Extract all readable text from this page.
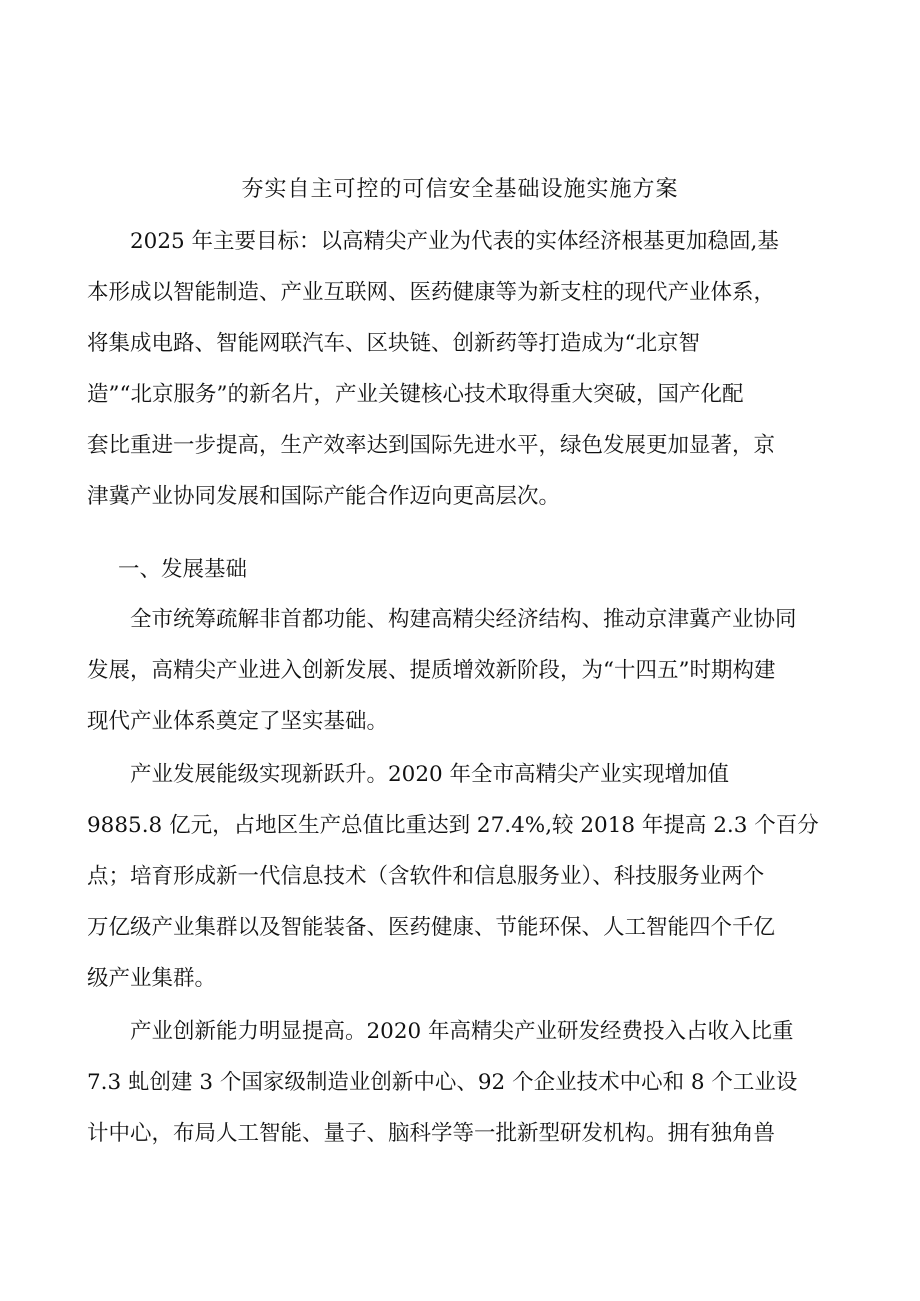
夯实自主可控的可信安全基础设施实施方案
2025 年主要目标：以高精尖产业为代表的实体经济根基更加稳固,基
本形成以智能制造、产业互联网、医药健康等为新支柱的现代产业体系，
将集成电路、智能网联汽车、区块链、创新药等打造成为“北京智
造”“北京服务”的新名片，产业关键核心技术取得重大突破，国产化配
套比重进一步提高，生产效率达到国际先进水平，绿色发展更加显著，京
津冀产业协同发展和国际产能合作迈向更高层次。
一、发展基础
全市统筹疏解非首都功能、构建高精尖经济结构、推动京津冀产业协同
发展，高精尖产业进入创新发展、提质增效新阶段，为“十四五”时期构建
现代产业体系奠定了坚实基础。
产业发展能级实现新跃升。2020 年全市高精尖产业实现增加值
9885.8 亿元，占地区生产总值比重达到 27.4%,较 2018 年提高 2.3 个百分
点；培育形成新一代信息技术（含软件和信息服务业）、科技服务业两个
万亿级产业集群以及智能装备、医药健康、节能环保、人工智能四个千亿
级产业集群。
产业创新能力明显提高。2020 年高精尖产业研发经费投入占收入比重
7.3 虬创建 3 个国家级制造业创新中心、92 个企业技术中心和 8 个工业设
计中心，布局人工智能、量子、脑科学等一批新型研发机构。拥有独角兽
